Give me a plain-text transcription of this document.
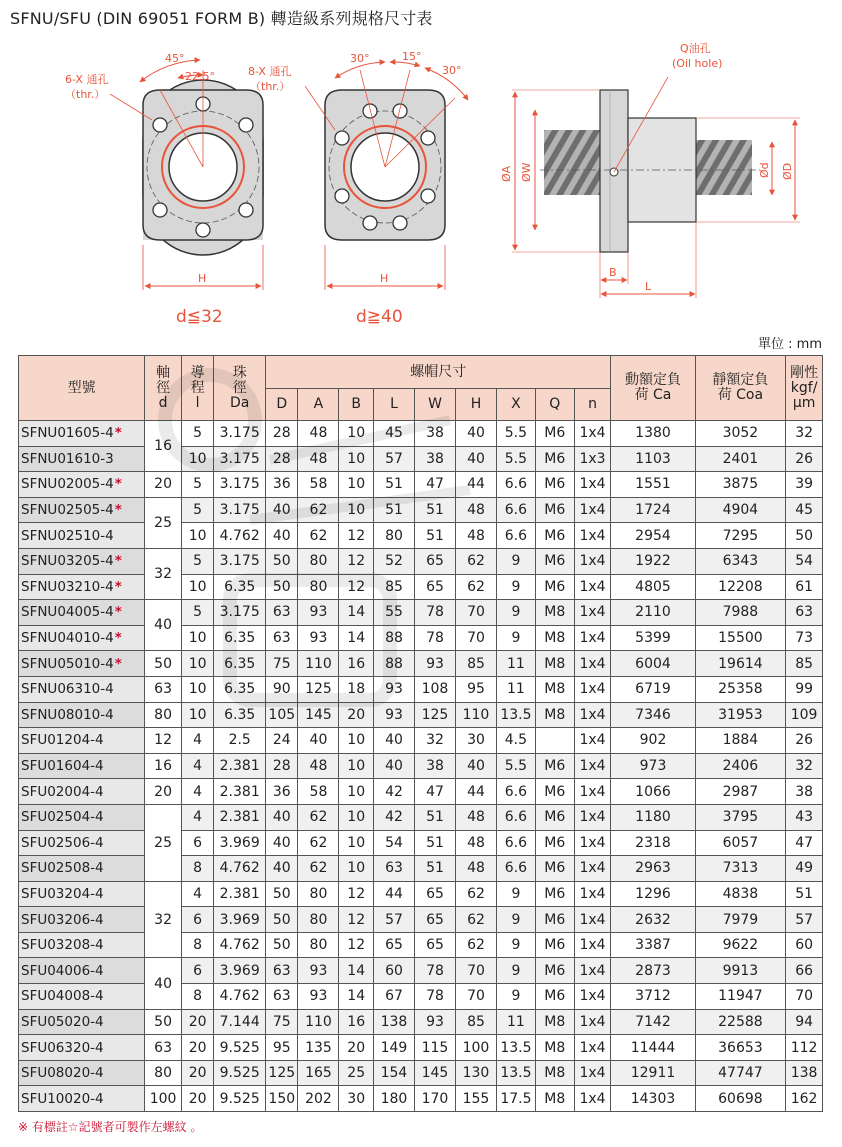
SFNU/SFU (DIN 69051 FORM B) 轉造級系列規格尺寸表
45°
22.5°
6-X 通孔
（thr.）
H
d≦32
30°	15°
30°
8-X 通孔
（thr.）
H
d≧40
Q油孔
(Oil hole)
ØA ØW	Ød ØD
B
L
單位 : mm
型號	軸
徑
d	導
程
l	珠
徑
Da	螺帽尺寸									動額定負
荷 Ca	靜額定負
荷 Coa	剛性
kgf/
μm
				D	A	B	L	W	H	X	Q	n			
SFNU01605-4*	16	5	3.175	28	48	10	45	38	40	5.5	M6	1x4	1380	3052	32
SFNU01610-3		10	3.175	28	48	10	57	38	40	5.5	M6	1x3	1103	2401	26
SFNU02005-4*	20	5	3.175	36	58	10	51	47	44	6.6	M6	1x4	1551	3875	39
SFNU02505-4*	25	5	3.175	40	62	10	51	51	48	6.6	M6	1x4	1724	4904	45
SFNU02510-4		10	4.762	40	62	12	80	51	48	6.6	M6	1x4	2954	7295	50
SFNU03205-4*	32	5	3.175	50	80	12	52	65	62	9	M6	1x4	1922	6343	54
SFNU03210-4*		10	6.35	50	80	12	85	65	62	9	M6	1x4	4805	12208	61
SFNU04005-4*	40	5	3.175	63	93	14	55	78	70	9	M8	1x4	2110	7988	63
SFNU04010-4*		10	6.35	63	93	14	88	78	70	9	M8	1x4	5399	15500	73
SFNU05010-4*	50	10	6.35	75	110	16	88	93	85	11	M8	1x4	6004	19614	85
SFNU06310-4	63	10	6.35	90	125	18	93	108	95	11	M8	1x4	6719	25358	99
SFNU08010-4	80	10	6.35	105	145	20	93	125	110	13.5	M8	1x4	7346	31953	109
SFU01204-4	12	4	2.5	24	40	10	40	32	30	4.5		1x4	902	1884	26
SFU01604-4	16	4	2.381	28	48	10	40	38	40	5.5	M6	1x4	973	2406	32
SFU02004-4	20	4	2.381	36	58	10	42	47	44	6.6	M6	1x4	1066	2987	38
SFU02504-4	25	4	2.381	40	62	10	42	51	48	6.6	M6	1x4	1180	3795	43
SFU02506-4		6	3.969	40	62	10	54	51	48	6.6	M6	1x4	2318	6057	47
SFU02508-4		8	4.762	40	62	10	63	51	48	6.6	M6	1x4	2963	7313	49
SFU03204-4	32	4	2.381	50	80	12	44	65	62	9	M6	1x4	1296	4838	51
SFU03206-4		6	3.969	50	80	12	57	65	62	9	M6	1x4	2632	7979	57
SFU03208-4		8	4.762	50	80	12	65	65	62	9	M6	1x4	3387	9622	60
SFU04006-4	40	6	3.969	63	93	14	60	78	70	9	M6	1x4	2873	9913	66
SFU04008-4		8	4.762	63	93	14	67	78	70	9	M6	1x4	3712	11947	70
SFU05020-4	50	20	7.144	75	110	16	138	93	85	11	M8	1x4	7142	22588	94
SFU06320-4	63	20	9.525	95	135	20	149	115	100	13.5	M8	1x4	11444	36653	112
SFU08020-4	80	20	9.525	125	165	25	154	145	130	13.5	M8	1x4	12911	47747	138
SFU10020-4	100	20	9.525	150	202	30	180	170	155	17.5	M8	1x4	14303	60698	162
※ 有標註☆記號者可製作左螺紋 。
